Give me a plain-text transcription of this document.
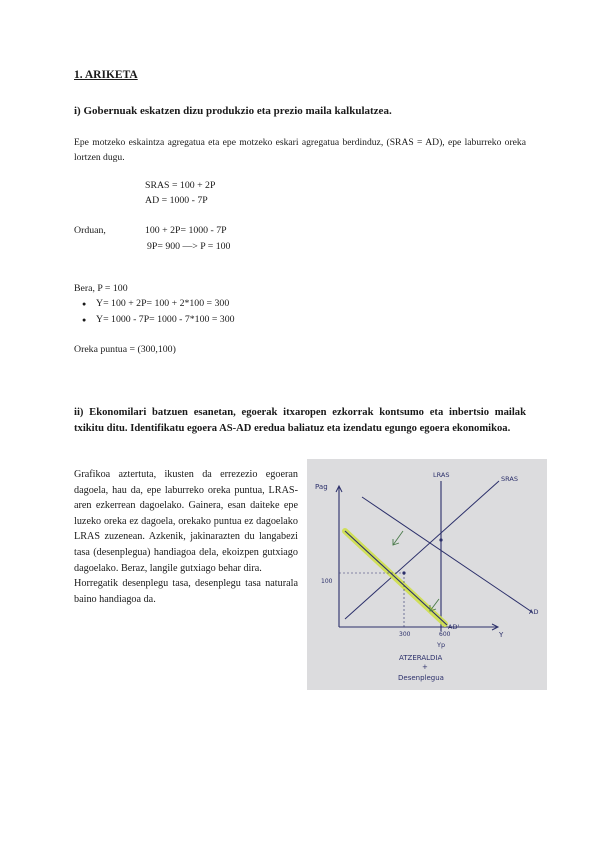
1. ARIKETA
i) Gobernuak eskatzen dizu produkzio eta prezio maila kalkulatzea.
Epe motzeko eskaintza agregatua eta epe motzeko eskari agregatua berdinduz, (SRAS = AD), epe laburreko oreka lortzen dugu.
SRAS = 100 + 2P
AD = 1000 - 7P
Orduan,	100 + 2P= 1000 - 7P
9P= 900 —> P = 100
Bera, P = 100
● Y= 100 + 2P= 100 + 2*100 = 300
● Y= 1000 - 7P= 1000 - 7*100 = 300
Oreka puntua = (300,100)
ii) Ekonomilari batzuen esanetan, egoerak itxaropen ezkorrak kontsumo eta inbertsio mailak txikitu ditu. Identifikatu egoera AS-AD eredua baliatuz eta izendatu egungo egoera ekonomikoa.
Grafikoa aztertuta, ikusten da errezezio egoeran dagoela, hau da, epe laburreko oreka puntua, LRAS-aren ezkerrean dagoelako. Gainera, esan daiteke epe luzeko oreka ez dagoela, orekako puntua ez dagoelako LRAS zuzenean. Azkenik, jakinarazten du langabezi tasa (desenplegua) handiagoa dela, ekoizpen gutxiago dagoelako. Beraz, langile gutxiago behar dira.
Horregatik desenplegu tasa, desenplegu tasa naturala baino handiagoa da.
Pag
Y
LRAS	SRAS
AD
AD'
100
300	600
Yp
ATZERALDIA
+
Desenplegua
